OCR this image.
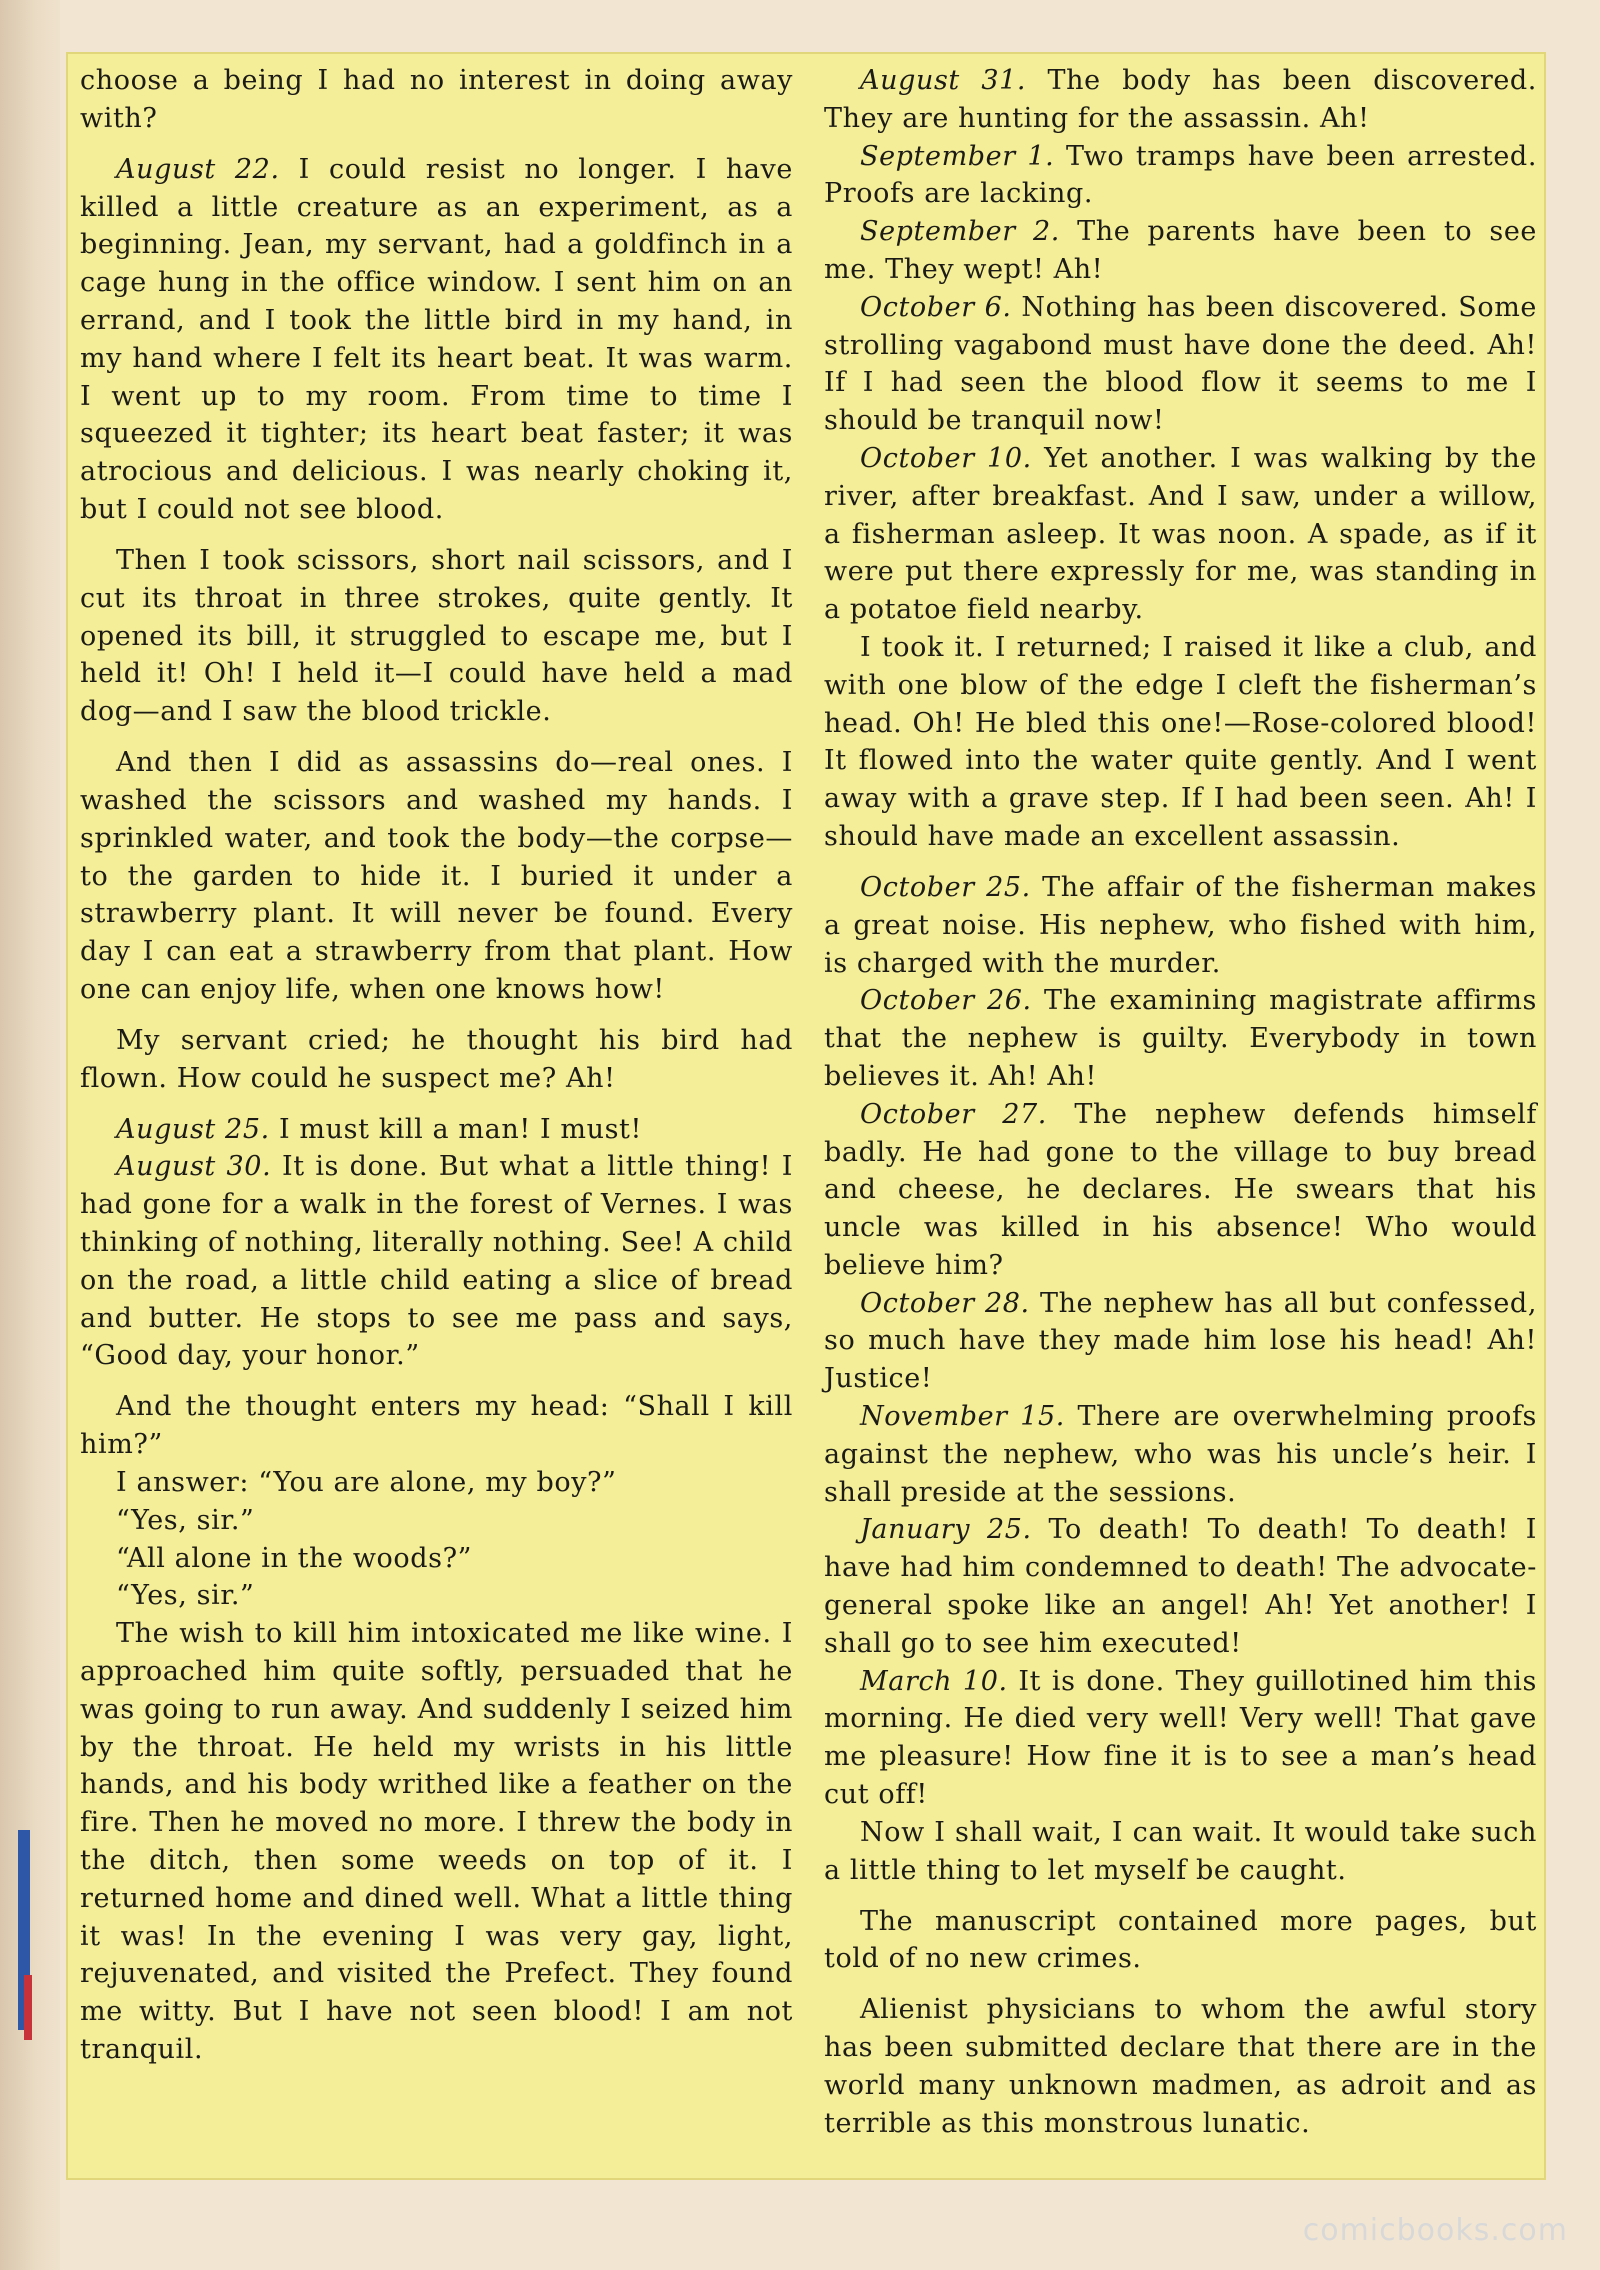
choose a being I had no interest in doing away with?

August 22. I could resist no longer. I have killed a little creature as an experiment, as a beginning. Jean, my servant, had a goldfinch in a cage hung in the office window. I sent him on an errand, and I took the little bird in my hand, in my hand where I felt its heart beat. It was warm. I went up to my room. From time to time I squeezed it tighter; its heart beat faster; it was atrocious and delicious. I was nearly choking it, but I could not see blood.

Then I took scissors, short nail scissors, and I cut its throat in three strokes, quite gently. It opened its bill, it struggled to escape me, but I held it! Oh! I held it—I could have held a mad dog—and I saw the blood trickle.

And then I did as assassins do—real ones. I washed the scissors and washed my hands. I sprinkled water, and took the body—the corpse—to the garden to hide it. I buried it under a strawberry plant. It will never be found. Every day I can eat a strawberry from that plant. How one can enjoy life, when one knows how!

My servant cried; he thought his bird had flown. How could he suspect me? Ah!

August 25. I must kill a man! I must!

August 30. It is done. But what a little thing! I had gone for a walk in the forest of Vernes. I was thinking of nothing, literally nothing. See! A child on the road, a little child eating a slice of bread and butter. He stops to see me pass and says, “Good day, your honor.”

And the thought enters my head: “Shall I kill him?”

I answer: “You are alone, my boy?”

“Yes, sir.”

“All alone in the woods?”

“Yes, sir.”

The wish to kill him intoxicated me like wine. I approached him quite softly, persuaded that he was going to run away. And suddenly I seized him by the throat. He held my wrists in his little hands, and his body writhed like a feather on the fire. Then he moved no more. I threw the body in the ditch, then some weeds on top of it. I returned home and dined well. What a little thing it was! In the evening I was very gay, light, rejuvenated, and visited the Prefect. They found me witty. But I have not seen blood! I am not tranquil.

August 31. The body has been discovered. They are hunting for the assassin. Ah!

September 1. Two tramps have been arrested. Proofs are lacking.

September 2. The parents have been to see me. They wept! Ah!

October 6. Nothing has been discovered. Some strolling vagabond must have done the deed. Ah! If I had seen the blood flow it seems to me I should be tranquil now!

October 10. Yet another. I was walking by the river, after breakfast. And I saw, under a willow, a fisherman asleep. It was noon. A spade, as if it were put there expressly for me, was standing in a potatoe field nearby.

I took it. I returned; I raised it like a club, and with one blow of the edge I cleft the fisherman’s head. Oh! He bled this one!—Rose-colored blood! It flowed into the water quite gently. And I went away with a grave step. If I had been seen. Ah! I should have made an excellent assassin.

October 25. The affair of the fisherman makes a great noise. His nephew, who fished with him, is charged with the murder.

October 26. The examining magistrate affirms that the nephew is guilty. Everybody in town believes it. Ah! Ah!

October 27. The nephew defends himself badly. He had gone to the village to buy bread and cheese, he declares. He swears that his uncle was killed in his absence! Who would believe him?

October 28. The nephew has all but confessed, so much have they made him lose his head! Ah! Justice!

November 15. There are overwhelming proofs against the nephew, who was his uncle’s heir. I shall preside at the sessions.

January 25. To death! To death! To death! I have had him condemned to death! The advocate-general spoke like an angel! Ah! Yet another! I shall go to see him executed!

March 10. It is done. They guillotined him this morning. He died very well! Very well! That gave me pleasure! How fine it is to see a man’s head cut off!

Now I shall wait, I can wait. It would take such a little thing to let myself be caught.

The manuscript contained more pages, but told of no new crimes.

Alienist physicians to whom the awful story has been submitted declare that there are in the world many unknown madmen, as adroit and as terrible as this monstrous lunatic.

comicbooks.com
